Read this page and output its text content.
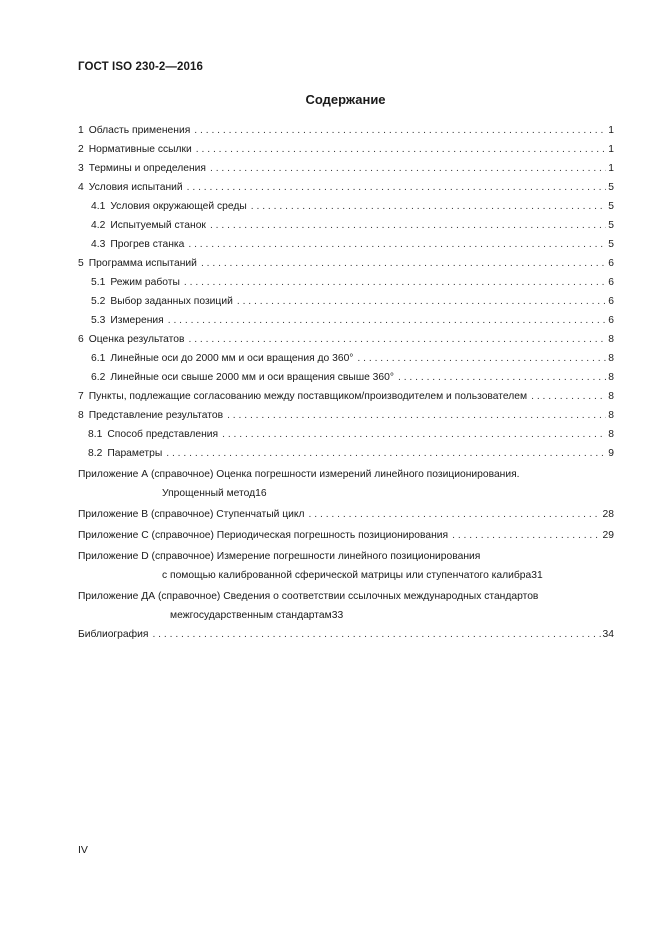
ГОСТ ISO 230-2—2016
Содержание
1 Область применения . . .	1
2 Нормативные ссылки . . .	1
3 Термины и определения . . .	1
4 Условия испытаний . . .	5
4.1 Условия окружающей среды . . .	5
4.2 Испытуемый станок . . .	5
4.3 Прогрев станка . . .	5
5 Программа испытаний . . .	6
5.1 Режим работы . . .	6
5.2 Выбор заданных позиций . . .	6
5.3 Измерения . . .	6
6 Оценка результатов . . .	8
6.1 Линейные оси до 2000 мм и оси вращения до 360° . . .	8
6.2 Линейные оси свыше 2000 мм и оси вращения свыше 360° . . .	8
7 Пункты, подлежащие согласованию между поставщиком/производителем и пользователем . . .	8
8 Представление результатов . . .	8
8.1 Способ представления . . .	8
8.2 Параметры . . .	9
Приложение А (справочное) Оценка погрешности измерений линейного позиционирования.
Упрощенный метод 16
Приложение В (справочное) Ступенчатый цикл . . .	28
Приложение С (справочное) Периодическая погрешность позиционирования . . .	29
Приложение D (справочное) Измерение погрешности линейного позиционирования
с помощью калиброванной сферической матрицы или ступенчатого калибра 31
Приложение ДА (справочное) Сведения о соответствии ссылочных международных стандартов
межгосударственным стандартам 33
Библиография . . .	34
IV
